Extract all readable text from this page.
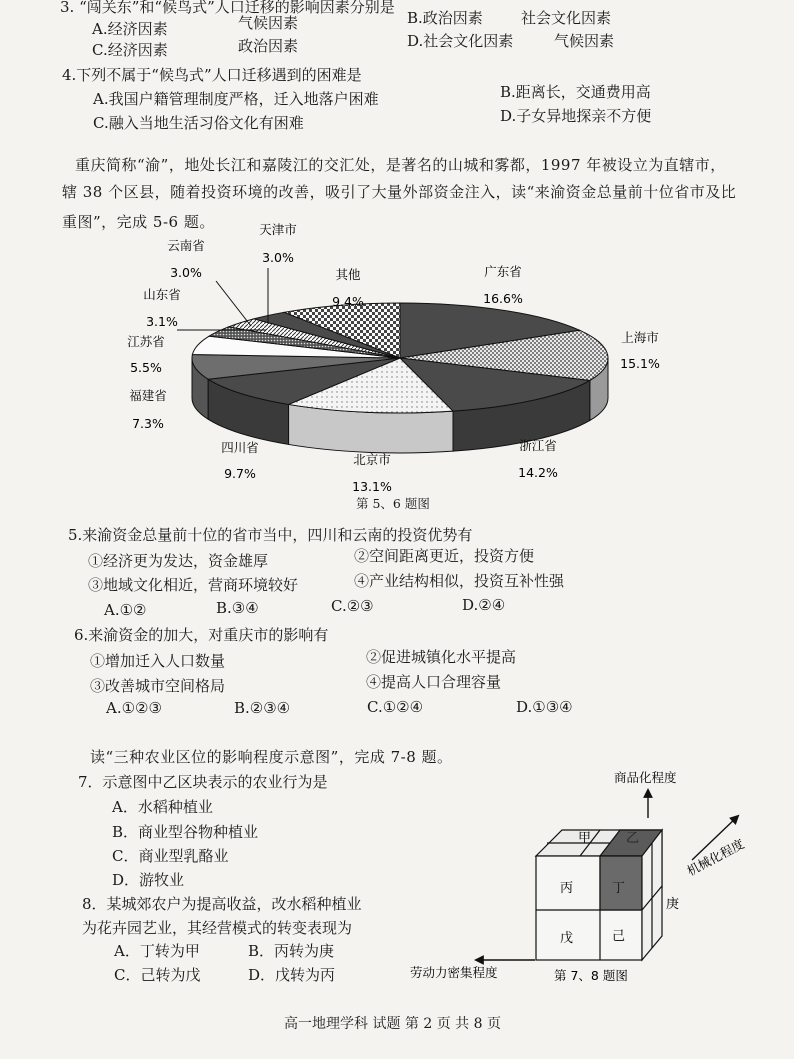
3. “闯关东”和“候鸟式”人口迁移的影响因素分别是
A.经济因素	气候因素	B.政治因素	社会文化因素
C.经济因素	政治因素	D.社会文化因素	气候因素
4.下列不属于“候鸟式”人口迁移遇到的困难是
A.我国户籍管理制度严格，迁入地落户困难	B.距离长，交通费用高
C.融入当地生活习俗文化有困难	D.子女异地探亲不方便
重庆简称“渝”，地处长江和嘉陵江的交汇处，是著名的山城和雾都，1997 年被设立为直辖市，
辖 38 个区县，随着投资环境的改善，吸引了大量外部资金注入，读“来渝资金总量前十位省市及比
重图”，完成 5-6 题。
广东省
16.6%
上海市
15.1%
浙江省
14.2%
北京市
13.1%
四川省
9.7%
福建省
7.3%
江苏省
5.5%
山东省
3.1%
云南省
3.0%
天津市
3.0%
其他
9.4%
第 5、6 题图
5.来渝资金总量前十位的省市当中，四川和云南的投资优势有
①经济更为发达，资金雄厚	②空间距离更近，投资方便
③地域文化相近，营商环境较好	④产业结构相似，投资互补性强
A.①②	B.③④	C.②③	D.②④
6.来渝资金的加大，对重庆市的影响有
①增加迁入人口数量	②促进城镇化水平提高
③改善城市空间格局	④提高人口合理容量
A.①②③	B.②③④	C.①②④	D.①③④
读“三种农业区位的影响程度示意图”，完成 7-8 题。
7．示意图中乙区块表示的农业行为是
A．水稻种植业
B．商业型谷物种植业
C．商业型乳酪业
D．游牧业
8．某城郊农户为提高收益，改水稻种植业
为花卉园艺业，其经营模式的转变表现为
A．丁转为甲	B．丙转为庚
C．己转为戊	D．戊转为丙
甲	乙
丙	丁
戊	己
庚
商品化程度
机械化程度
劳动力密集程度	第 7、8 题图
高一地理学科 试题 第 2 页 共 8 页
